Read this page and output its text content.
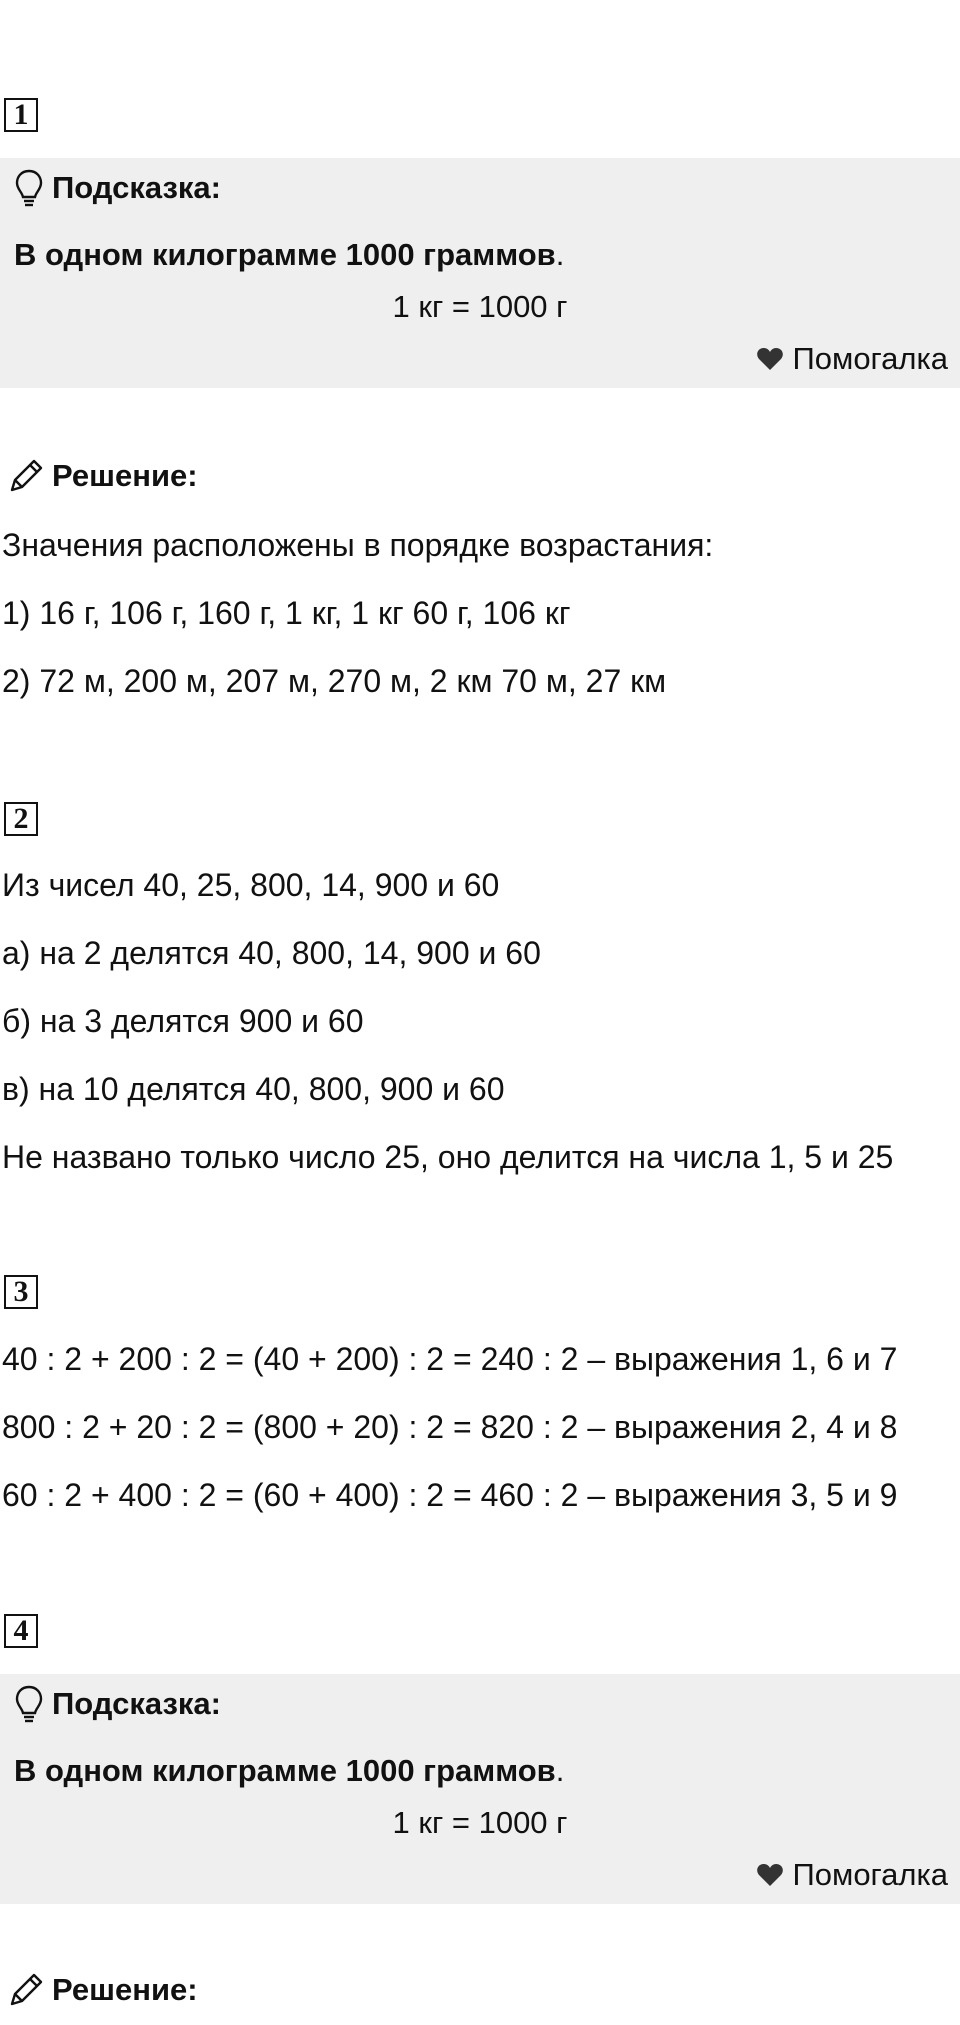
1
Подсказка:
В одном килограмме 1000 граммов.
1 кг = 1000 г
Помогалка
Решение:
Значения расположены в порядке возрастания:
1) 16 г, 106 г, 160 г, 1 кг, 1 кг 60 г, 106 кг
2) 72 м, 200 м, 207 м, 270 м, 2 км 70 м, 27 км
2
Из чисел 40, 25, 800, 14, 900 и 60
а) на 2 делятся 40, 800, 14, 900 и 60
б) на 3 делятся 900 и 60
в) на 10 делятся 40, 800, 900 и 60
Не названо только число 25, оно делится на числа 1, 5 и 25
3
40 : 2 + 200 : 2 = (40 + 200) : 2 = 240 : 2 – выражения 1, 6 и 7
800 : 2 + 20 : 2 = (800 + 20) : 2 = 820 : 2 – выражения 2, 4 и 8
60 : 2 + 400 : 2 = (60 + 400) : 2 = 460 : 2 – выражения 3, 5 и 9
4
Подсказка:
В одном килограмме 1000 граммов.
1 кг = 1000 г
Помогалка
Решение:
